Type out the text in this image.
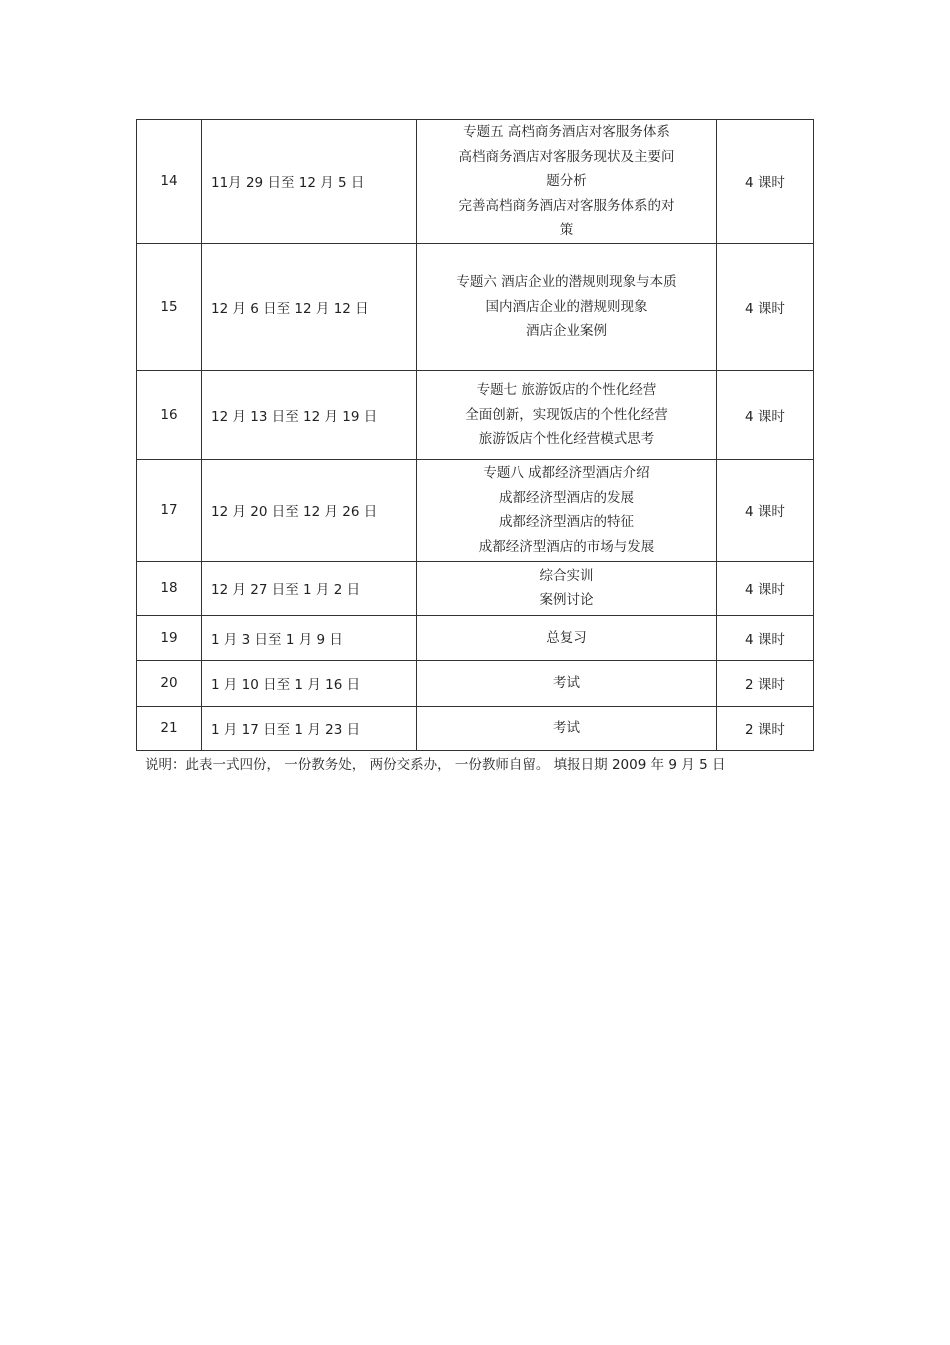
14	11月 29 日至 12 月 5 日	专题五 高档商务酒店对客服务体系
高档商务酒店对客服务现状及主要问
题分析
完善高档商务酒店对客服务体系的对
策	4 课时
15	12 月 6 日至 12 月 12 日	专题六 酒店企业的潜规则现象与本质
国内酒店企业的潜规则现象
酒店企业案例	4 课时
16	12 月 13 日至 12 月 19 日	专题七 旅游饭店的个性化经营
全面创新，实现饭店的个性化经营
旅游饭店个性化经营模式思考	4 课时
17	12 月 20 日至 12 月 26 日	专题八 成都经济型酒店介绍
成都经济型酒店的发展
成都经济型酒店的特征
成都经济型酒店的市场与发展	4 课时
18	12 月 27 日至 1 月 2 日	综合实训
案例讨论	4 课时
19	1 月 3 日至 1 月 9 日	总复习	4 课时
20	1 月 10 日至 1 月 16 日	考试	2 课时
21	1 月 17 日至 1 月 23 日	考试	2 课时
说明：此表一式四份， 一份教务处， 两份交系办， 一份教师自留。 填报日期 2009 年 9 月 5 日
